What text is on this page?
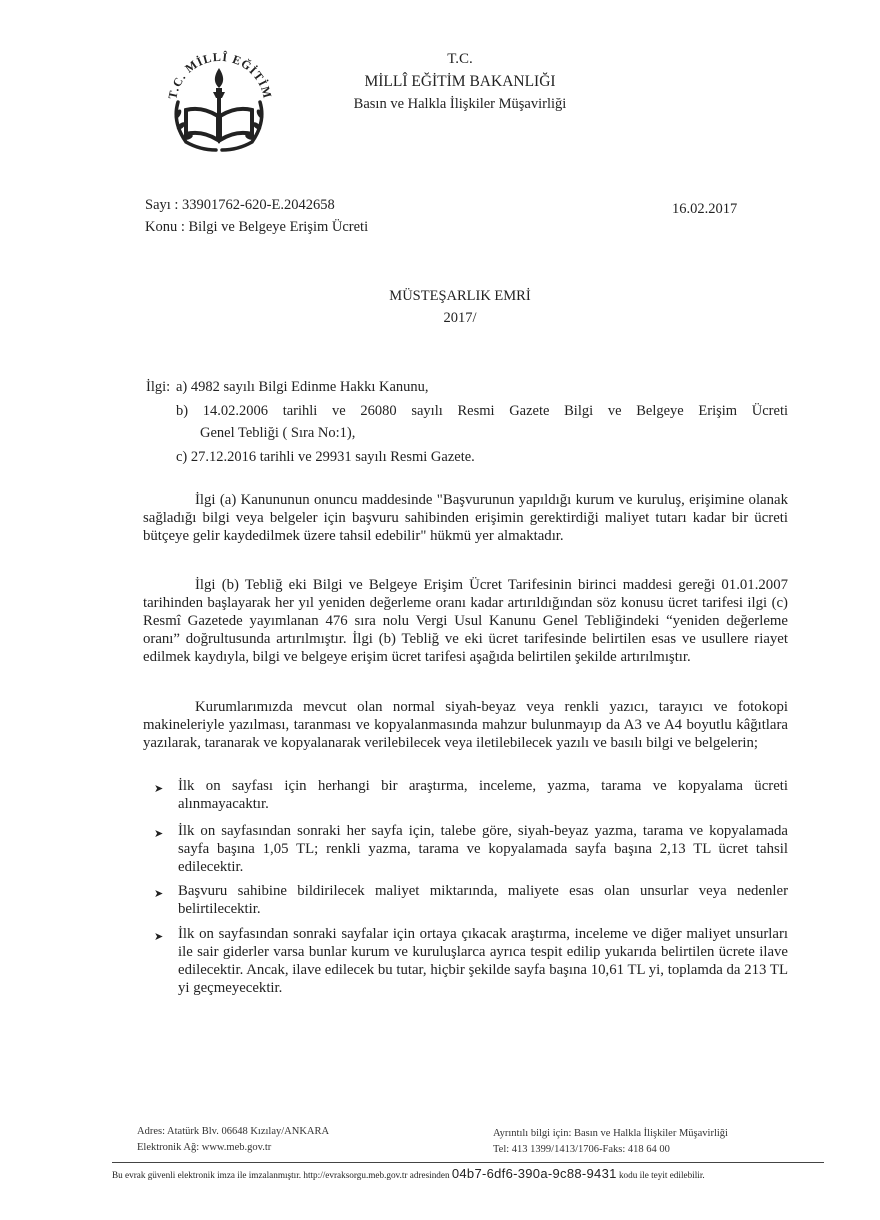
T.C. MİLLÎ EĞİTİM
T.C.
MİLLÎ EĞİTİM BAKANLIĞI
Basın ve Halkla İlişkiler Müşavirliği
Sayı : 33901762-620-E.2042658
Konu : Bilgi ve Belgeye Erişim Ücreti
16.02.2017
MÜSTEŞARLIK EMRİ
2017/
İlgi: a) 4982 sayılı Bilgi Edinme Hakkı Kanunu,
b) 14.02.2006 tarihli ve 26080 sayılı Resmi Gazete Bilgi ve Belgeye Erişim Ücreti
Genel Tebliği ( Sıra No:1),
c) 27.12.2016 tarihli ve 29931 sayılı Resmi Gazete.
İlgi (a) Kanununun onuncu maddesinde "Başvurunun yapıldığı kurum ve kuruluş, erişimine olanak sağladığı bilgi veya belgeler için başvuru sahibinden erişimin gerektirdiği maliyet tutarı kadar bir ücreti bütçeye gelir kaydedilmek üzere tahsil edebilir" hükmü yer almaktadır.
İlgi (b) Tebliğ eki Bilgi ve Belgeye Erişim Ücret Tarifesinin birinci maddesi gereği 01.01.2007 tarihinden başlayarak her yıl yeniden değerleme oranı kadar artırıldığından söz konusu ücret tarifesi ilgi (c) Resmî Gazetede yayımlanan 476 sıra nolu Vergi Usul Kanunu Genel Tebliğindeki “yeniden değerleme oranı” doğrultusunda artırılmıştır. İlgi (b) Tebliğ ve eki ücret tarifesinde belirtilen esas ve usullere riayet edilmek kaydıyla, bilgi ve belgeye erişim ücret tarifesi aşağıda belirtilen şekilde artırılmıştır.
Kurumlarımızda mevcut olan normal siyah-beyaz veya renkli yazıcı, tarayıcı ve fotokopi makineleriyle yazılması, taranması ve kopyalanmasında mahzur bulunmayıp da A3 ve A4 boyutlu kâğıtlara yazılarak, taranarak ve kopyalanarak verilebilecek veya iletilebilecek yazılı ve basılı bilgi ve belgelerin;
➤ İlk on sayfası için herhangi bir araştırma, inceleme, yazma, tarama ve kopyalama ücreti alınmayacaktır.
➤ İlk on sayfasından sonraki her sayfa için, talebe göre, siyah-beyaz yazma, tarama ve kopyalamada sayfa başına 1,05 TL; renkli yazma, tarama ve kopyalamada sayfa başına 2,13 TL ücret tahsil edilecektir.
➤ Başvuru sahibine bildirilecek maliyet miktarında, maliyete esas olan unsurlar veya nedenler belirtilecektir.
➤ İlk on sayfasından sonraki sayfalar için ortaya çıkacak araştırma, inceleme ve diğer maliyet unsurları ile sair giderler varsa bunlar kurum ve kuruluşlarca ayrıca tespit edilip yukarıda belirtilen ücrete ilave edilecektir. Ancak, ilave edilecek bu tutar, hiçbir şekilde sayfa başına 10,61 TL yi, toplamda da 213 TL yi geçmeyecektir.
Adres: Atatürk Blv. 06648 Kızılay/ANKARA
Elektronik Ağ: www.meb.gov.tr
Ayrıntılı bilgi için: Basın ve Halkla İlişkiler Müşavirliği
Tel: 413 1399/1413/1706-Faks: 418 64 00
Bu evrak güvenli elektronik imza ile imzalanmıştır. http://evraksorgu.meb.gov.tr adresinden 04b7-6df6-390a-9c88-9431 kodu ile teyit edilebilir.
